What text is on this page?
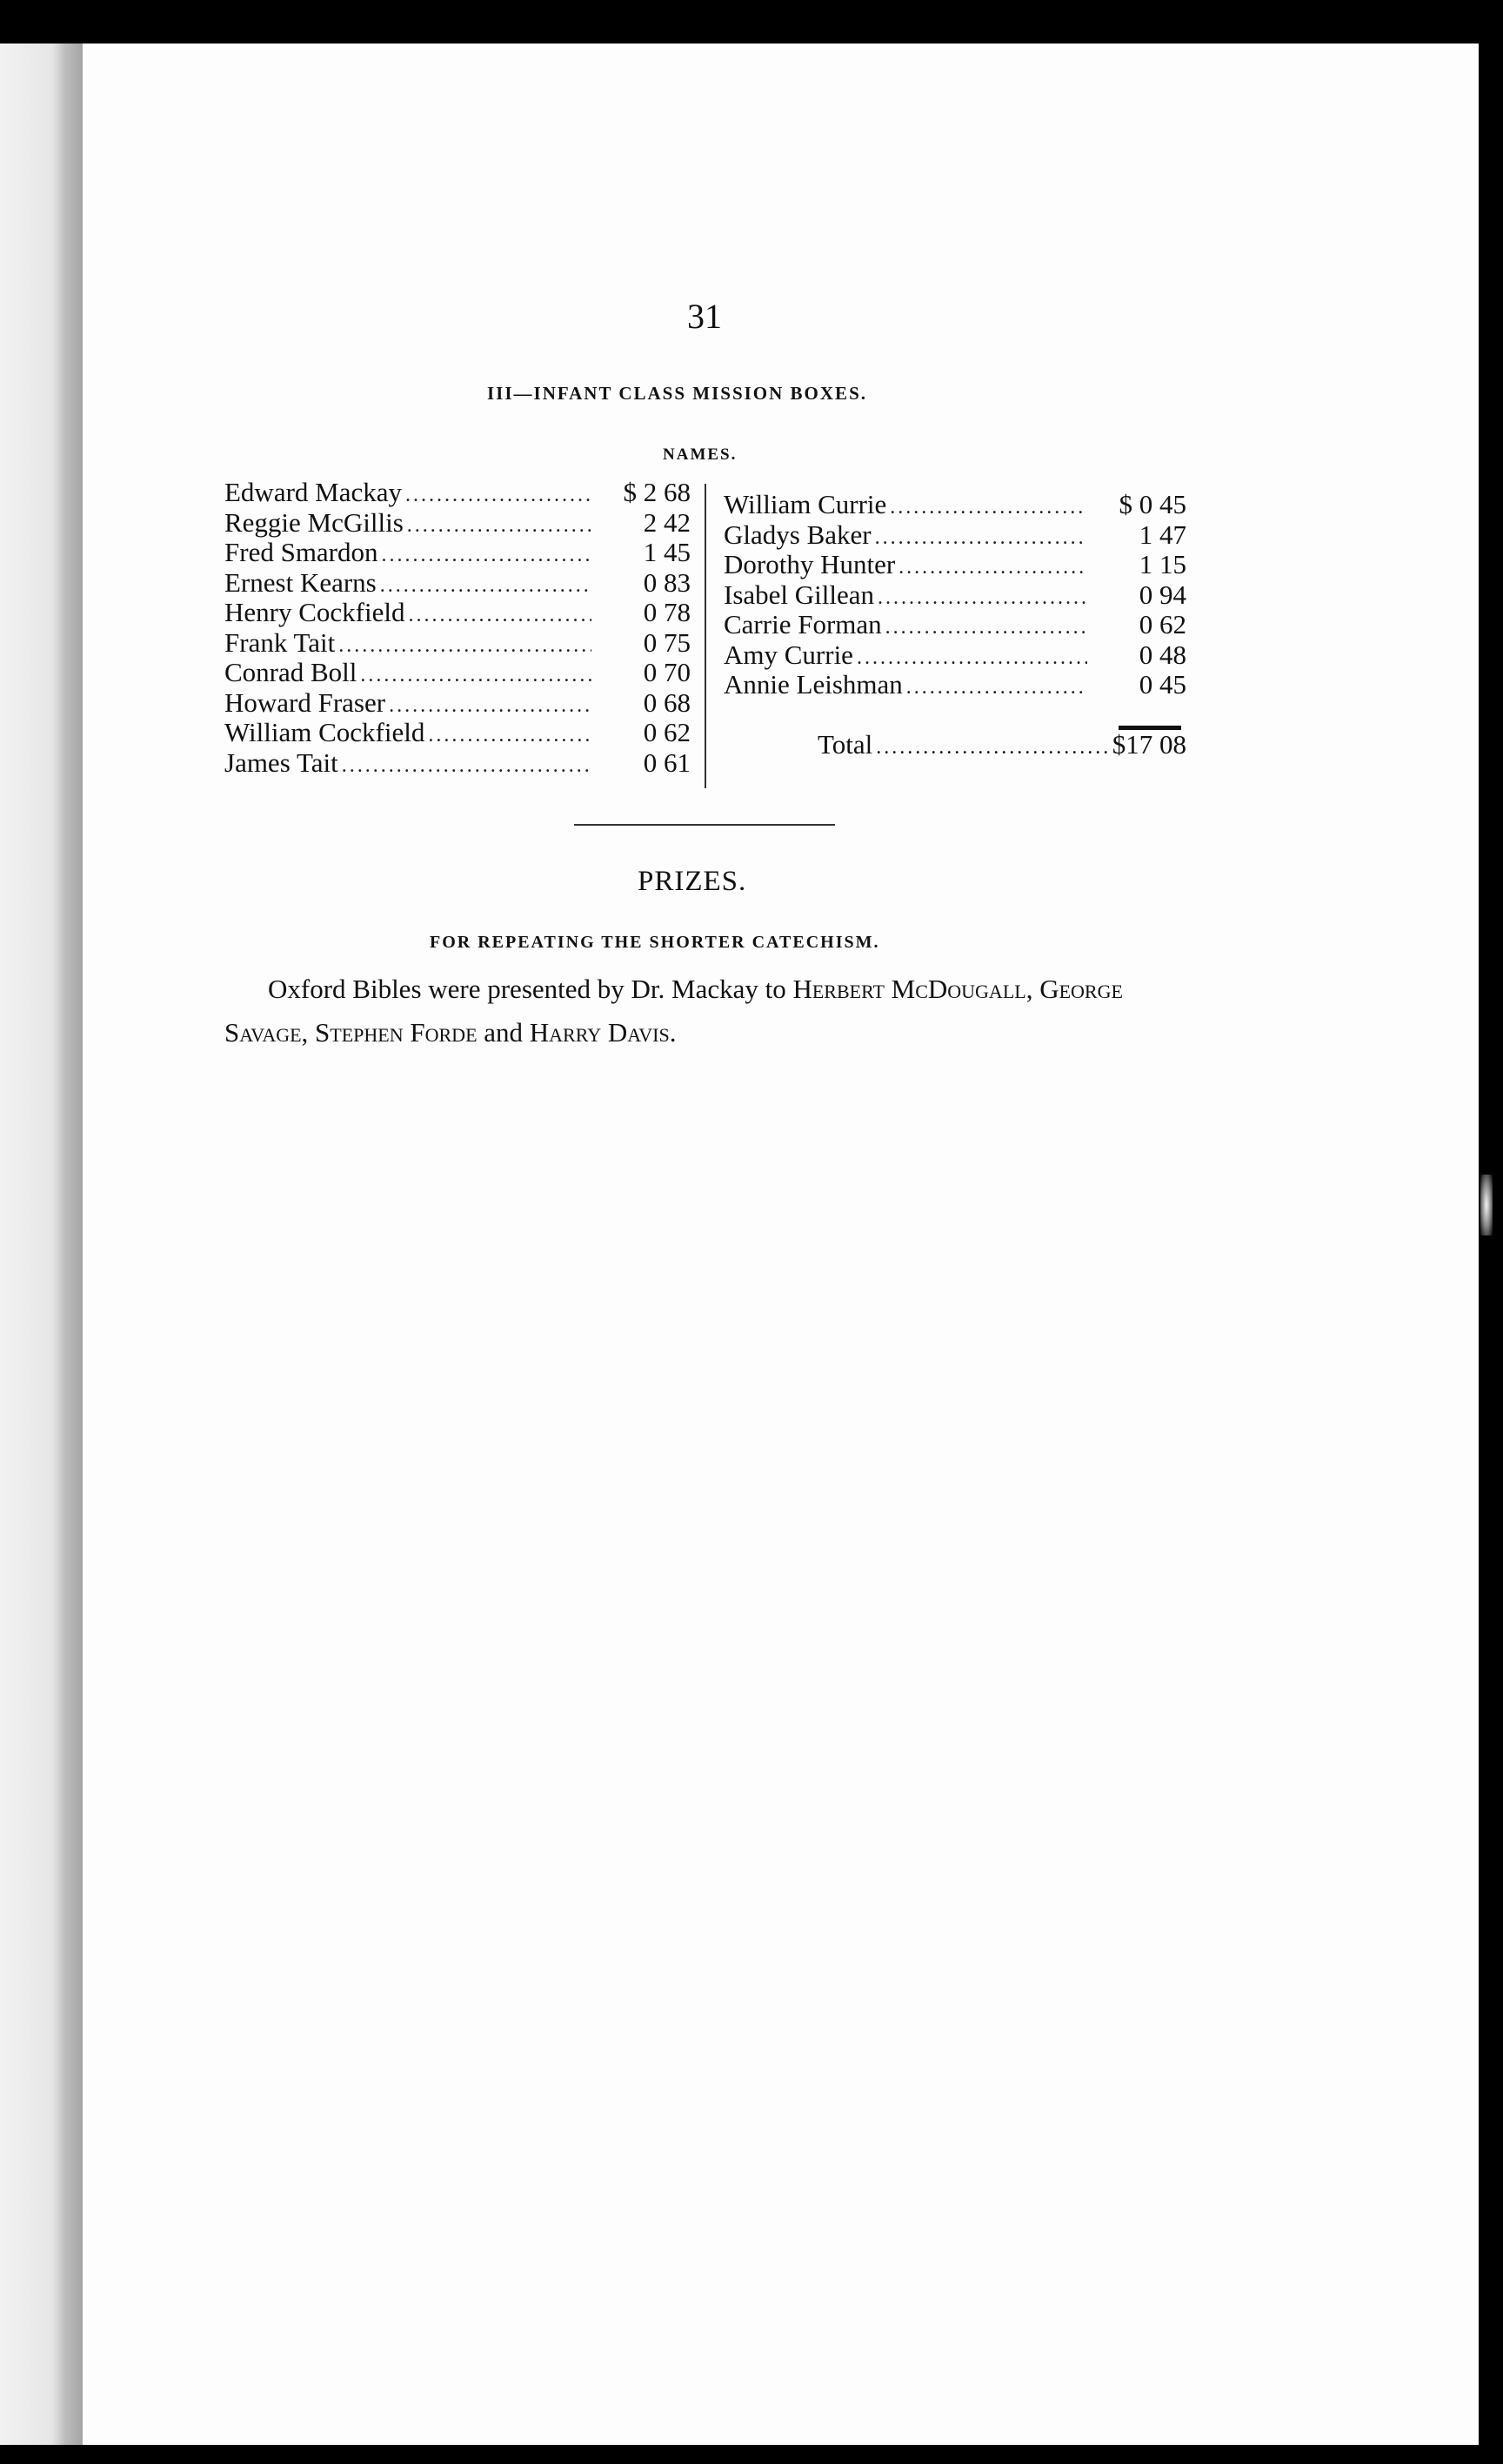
31
III—INFANT CLASS MISSION BOXES.
NAMES.
Edward Mackay .....	$ 2 68
Reggie McGillis .....	2 42
Fred Smardon .....	1 45
Ernest Kearns .....	0 83
Henry Cockfield .....	0 78
Frank Tait .....	0 75
Conrad Boll .....	0 70
Howard Fraser .....	0 68
William Cockfield .....	0 62
James Tait .....	0 61
William Currie .....	$ 0 45
Gladys Baker .....	1 47
Dorothy Hunter .....	1 15
Isabel Gillean .....	0 94
Carrie Forman .....	0 62
Amy Currie .....	0 48
Annie Leishman .....	0 45
Total .....	$17 08
PRIZES.
FOR REPEATING THE SHORTER CATECHISM.
Oxford Bibles were presented by Dr. Mackay to Herbert McDougall, George Savage, Stephen Forde and Harry Davis.
